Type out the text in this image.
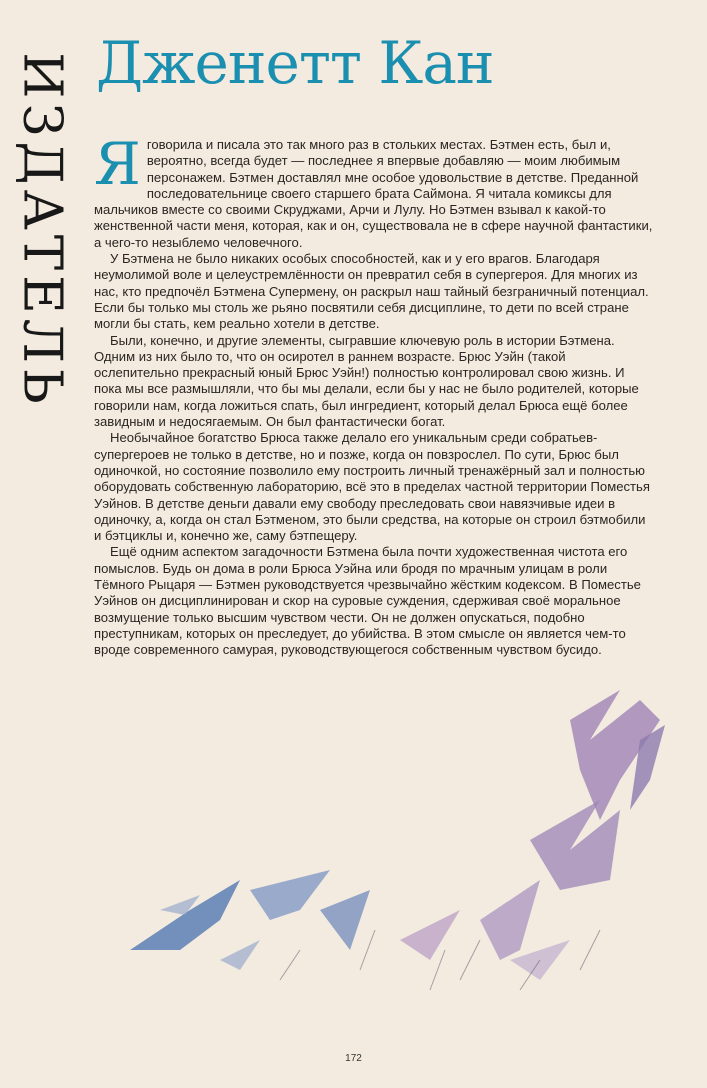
ИЗДАТЕЛЬ Дженетт Кан

Я говорила и писала это так много раз в стольких местах. Бэтмен есть, был и, вероятно, всегда будет — последнее я впервые добавляю — моим любимым персонажем. Бэтмен доставлял мне особое удовольствие в детстве. Преданной последовательнице своего старшего брата Саймона. Я читала комиксы для мальчиков вместе со своими Скруджами, Арчи и Лулу. Но Бэтмен взывал к какой-то женственной части меня, которая, как и он, существовала не в сфере научной фантастики, а чего-то незыблемо человечного.

У Бэтмена не было никаких особых способностей, как и у его врагов. Благодаря неумолимой воле и целеустремлённости он превратил себя в супергероя. Для многих из нас, кто предпочёл Бэтмена Супермену, он раскрыл наш тайный безграничный потенциал. Если бы только мы столь же рьяно посвятили себя дисциплине, то дети по всей стране могли бы стать, кем реально хотели в детстве.

Были, конечно, и другие элементы, сыгравшие ключевую роль в истории Бэтмена. Одним из них было то, что он осиротел в раннем возрасте. Брюс Уэйн (такой ослепительно прекрасный юный Брюс Уэйн!) полностью контролировал свою жизнь. И пока мы все размышляли, что бы мы делали, если бы у нас не было родителей, которые говорили нам, когда ложиться спать, был ингредиент, который делал Брюса ещё более завидным и недосягаемым. Он был фантастически богат.

Необычайное богатство Брюса также делало его уникальным среди собратьев-супергероев не только в детстве, но и позже, когда он повзрослел. По сути, Брюс был одиночкой, но состояние позволило ему построить личный тренажёрный зал и полностью оборудовать собственную лабораторию, всё это в пределах частной территории Поместья Уэйнов. В детстве деньги давали ему свободу преследовать свои навязчивые идеи в одиночку, а, когда он стал Бэтменом, это были средства, на которые он строил бэтмобили и бэтциклы и, конечно же, саму бэтпещеру.

Ещё одним аспектом загадочности Бэтмена была почти художественная чистота его помыслов. Будь он дома в роли Брюса Уэйна или бродя по мрачным улицам в роли Тёмного Рыцаря — Бэтмен руководствуется чрезвычайно жёстким кодексом. В Поместье Уэйнов он дисциплинирован и скор на суровые суждения, сдерживая своё моральное возмущение только высшим чувством чести. Он не должен опускаться, подобно преступникам, которых он преследует, до убийства. В этом смысле он является чем-то вроде современного самурая, руководствующегося собственным чувством бусидо.

172
